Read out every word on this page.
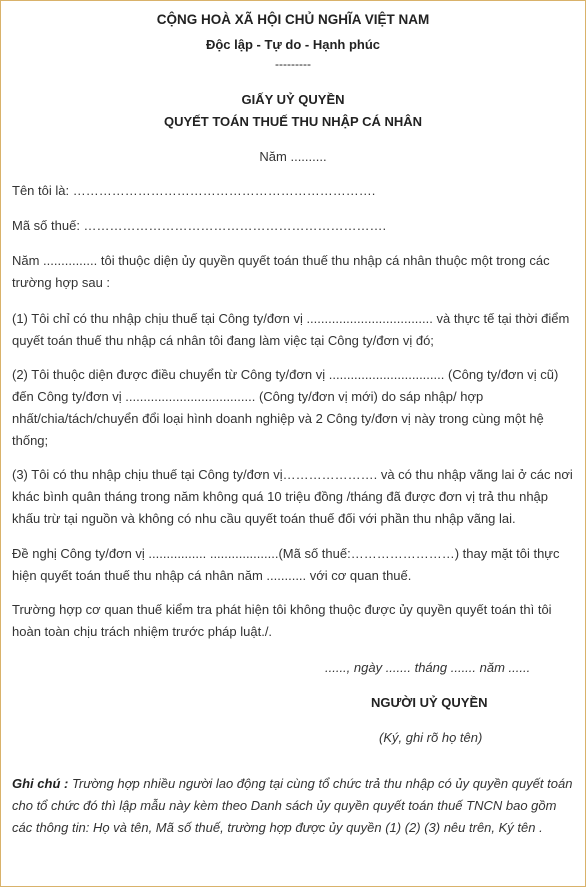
CỘNG HOÀ XÃ HỘI CHỦ NGHĨA VIỆT NAM
Độc lập - Tự do - Hạnh phúc
---------
GIẤY UỶ QUYỀN
QUYẾT TOÁN THUẾ THU NHẬP CÁ NHÂN
Năm ..........
Tên tôi là: …………………………………………………………….
Mã số thuế: …………………………………………………………….

Năm ............... tôi thuộc diện ủy quyền quyết toán thuế thu nhập cá nhân thuộc một trong các trường hợp sau :

(1) Tôi chỉ có thu nhập chịu thuế tại Công ty/đơn vị ................................... và thực tế tại thời điểm quyết toán thuế thu nhập cá nhân tôi đang làm việc tại Công ty/đơn vị đó;

(2) Tôi thuộc diện được điều chuyển từ Công ty/đơn vị ................................ (Công ty/đơn vị cũ) đến Công ty/đơn vị .................................... (Công ty/đơn vị mới) do sáp nhập/ hợp nhất/chia/tách/chuyển đổi loại hình doanh nghiệp và 2 Công ty/đơn vị này trong cùng một hệ thống;

(3) Tôi có thu nhập chịu thuế tại Công ty/đơn vị…………………. và có thu nhập vãng lai ở các nơi khác bình quân tháng trong năm không quá 10 triệu đồng /tháng đã được đơn vị trả thu nhập khấu trừ tại nguồn và không có nhu cầu quyết toán thuế đối với phần thu nhập vãng lai.

Đề nghị Công ty/đơn vị ................ ...................(Mã số thuế:……………………) thay mặt tôi thực hiện quyết toán thuế thu nhập cá nhân năm ........... với cơ quan thuế.

Trường hợp cơ quan thuế kiểm tra phát hiện tôi không thuộc được ủy quyền quyết toán thì tôi hoàn toàn chịu trách nhiệm trước pháp luật./.

......, ngày ....... tháng ....... năm ......
NGƯỜI UỶ QUYỀN
(Ký, ghi rõ họ tên)

Ghi chú : Trường hợp nhiều người lao động tại cùng tổ chức trả thu nhập có ủy quyền quyết toán cho tổ chức đó thì lập mẫu này kèm theo Danh sách ủy quyền quyết toán thuế TNCN bao gồm các thông tin: Họ và tên, Mã số thuế, trường hợp được ủy quyền (1) (2) (3) nêu trên, Ký tên .
